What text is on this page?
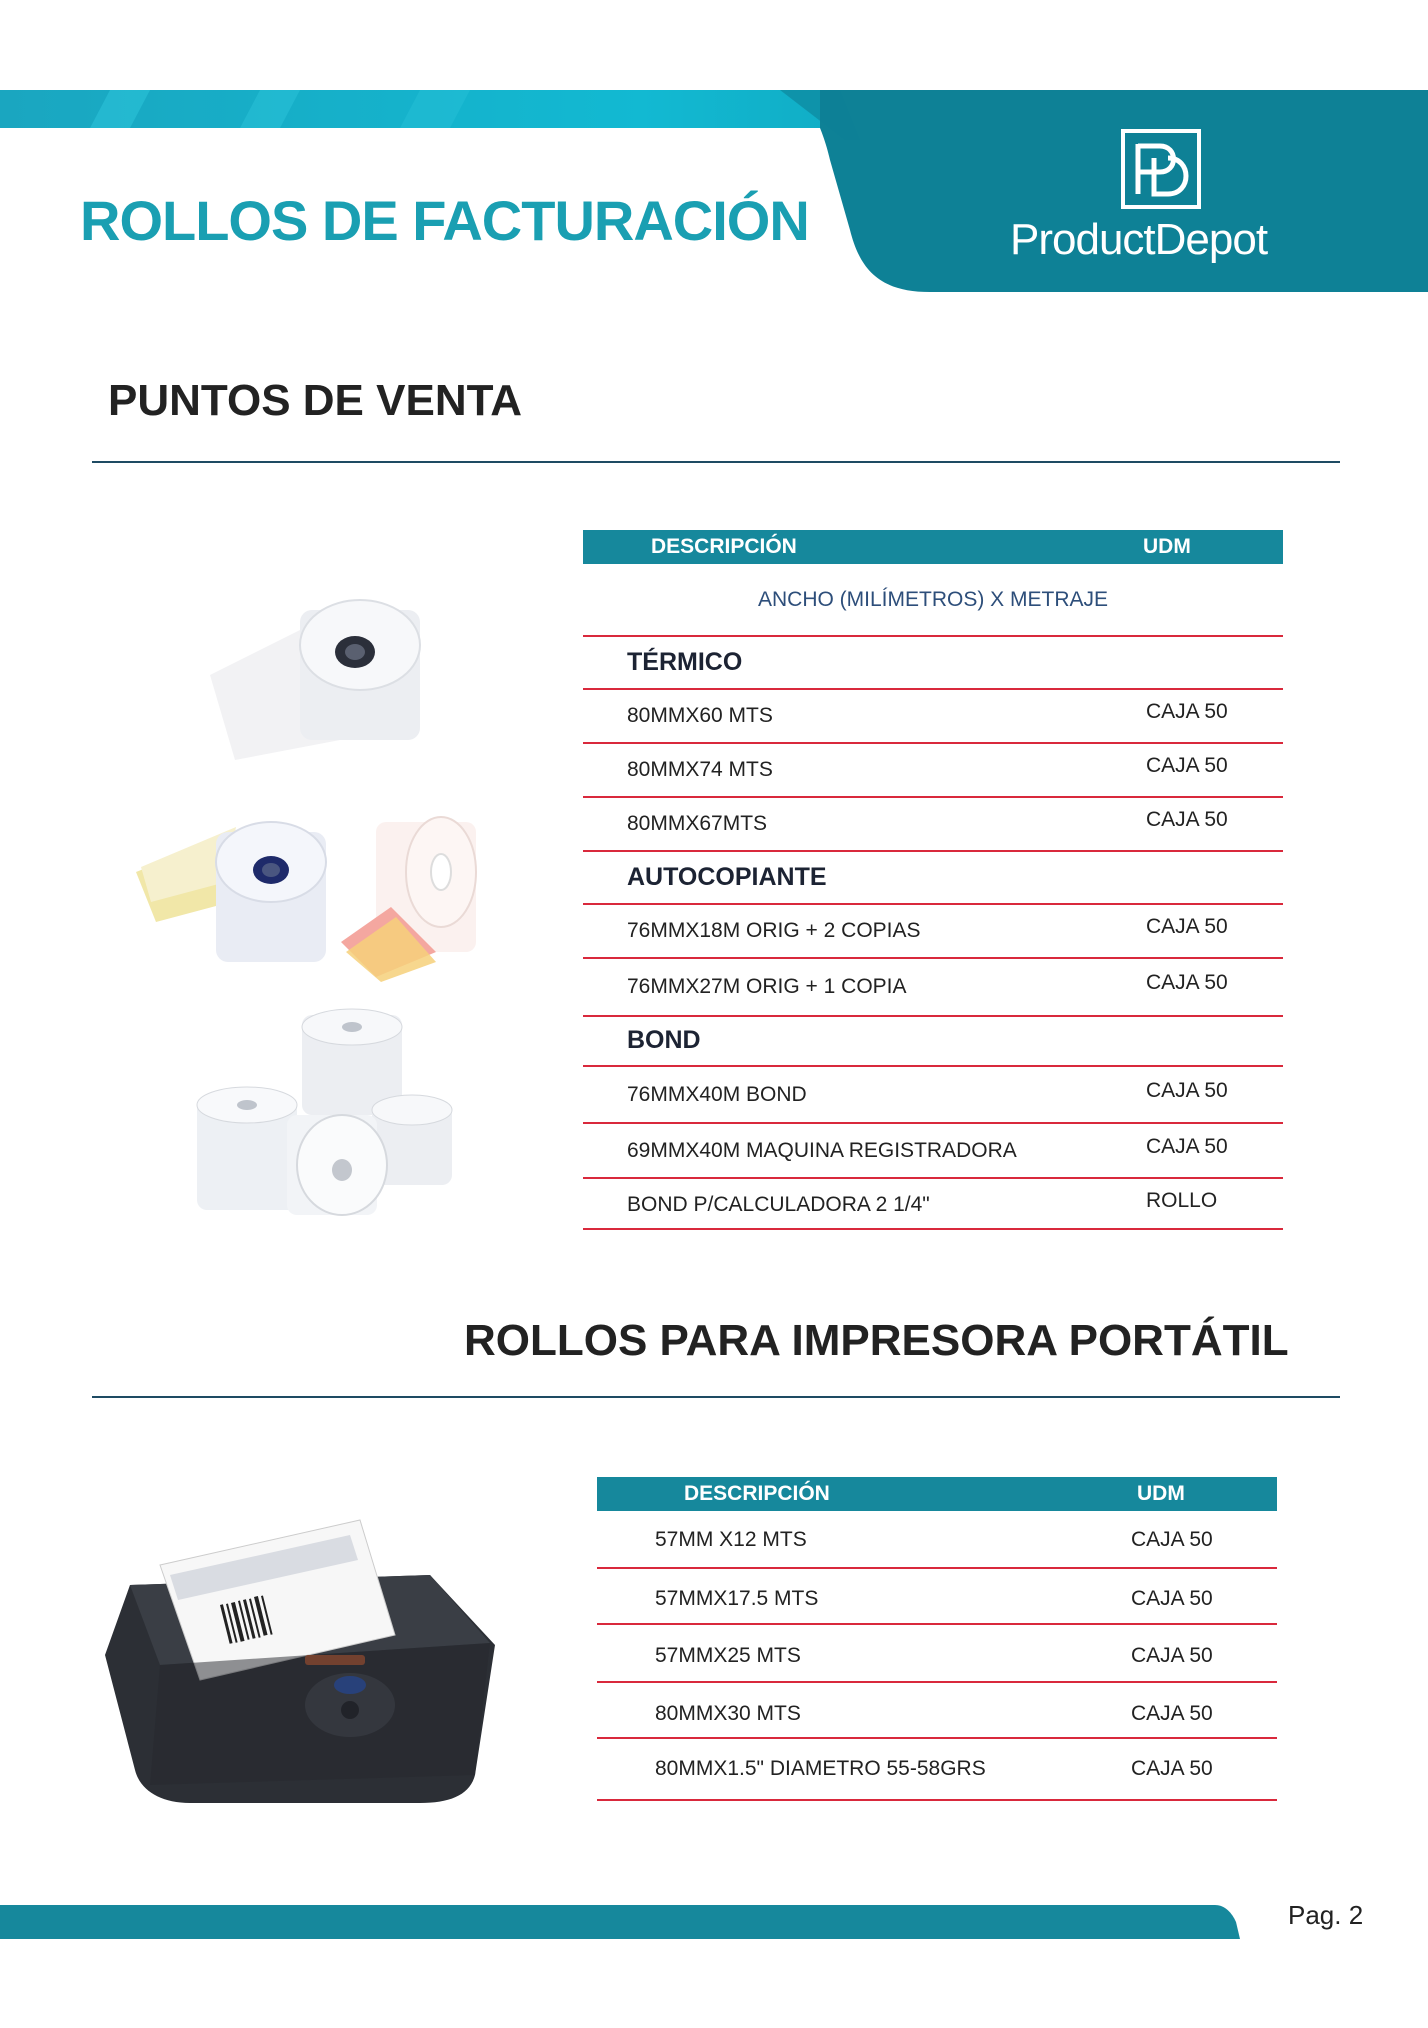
ROLLOS DE FACTURACIÓN	ProductDepot
PUNTOS DE VENTA
DESCRIPCIÓN	UDM
ANCHO (MILÍMETROS) X METRAJE
TÉRMICO
80MMX60 MTS	CAJA 50
80MMX74 MTS	CAJA 50
80MMX67MTS	CAJA 50
AUTOCOPIANTE
76MMX18M ORIG + 2 COPIAS	CAJA 50
76MMX27M ORIG + 1 COPIA	CAJA 50
BOND
76MMX40M BOND	CAJA 50
69MMX40M MAQUINA REGISTRADORA	CAJA 50
BOND P/CALCULADORA 2 1/4"	ROLLO
ROLLOS PARA IMPRESORA PORTÁTIL
DESCRIPCIÓN	UDM
57MM X12 MTS	CAJA 50
57MMX17.5 MTS	CAJA 50
57MMX25 MTS	CAJA 50
80MMX30 MTS	CAJA 50
80MMX1.5" DIAMETRO 55-58GRS	CAJA 50
Pag. 2
